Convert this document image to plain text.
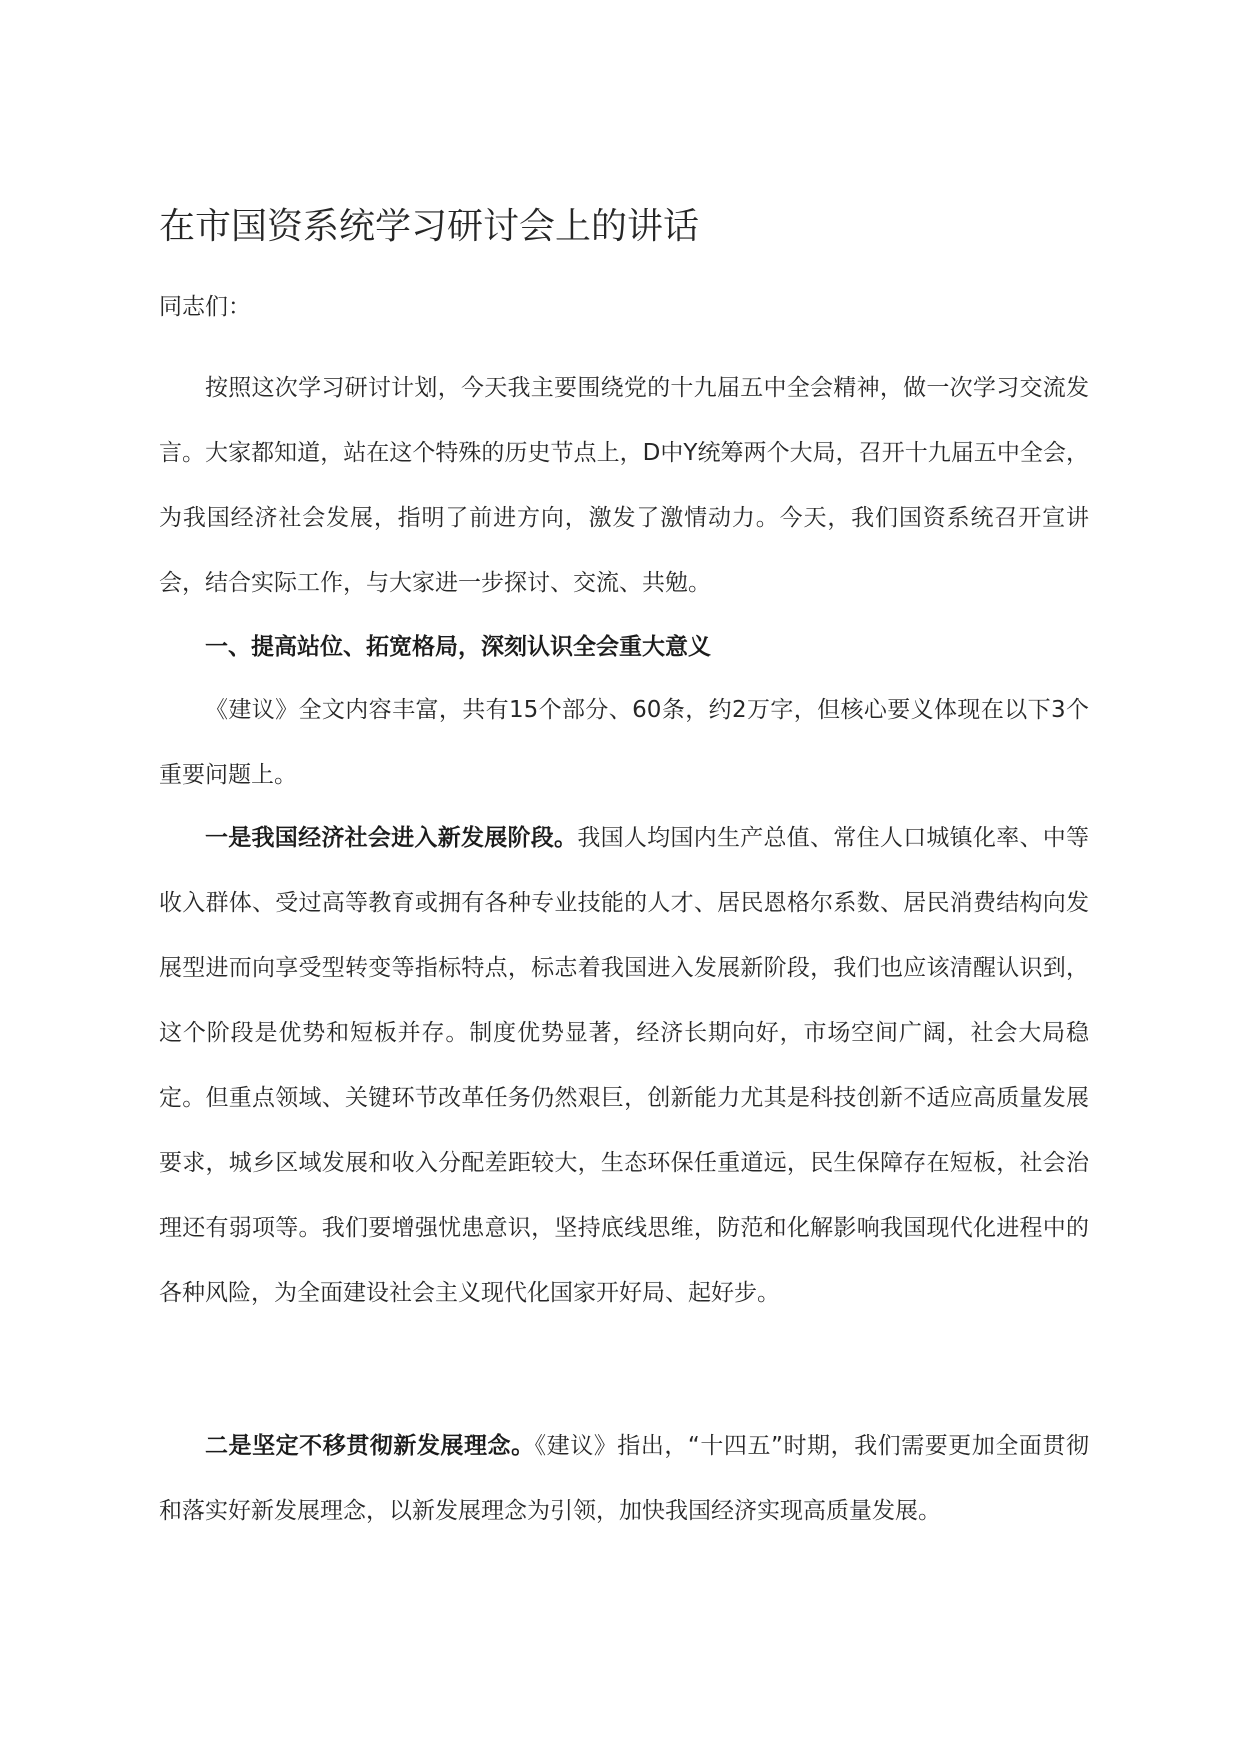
在市国资系统学习研讨会上的讲话
同志们：

按照这次学习研讨计划，今天我主要围绕党的十九届五中全会精神，做一次学习交流发言。大家都知道，站在这个特殊的历史节点上，D中Y统筹两个大局，召开十九届五中全会，为我国经济社会发展，指明了前进方向，激发了激情动力。今天，我们国资系统召开宣讲会，结合实际工作，与大家进一步探讨、交流、共勉。

一、提高站位、拓宽格局，深刻认识全会重大意义

《建议》全文内容丰富，共有15个部分、60条，约2万字，但核心要义体现在以下3个重要问题上。

一是我国经济社会进入新发展阶段。我国人均国内生产总值、常住人口城镇化率、中等收入群体、受过高等教育或拥有各种专业技能的人才、居民恩格尔系数、居民消费结构向发展型进而向享受型转变等指标特点，标志着我国进入发展新阶段，我们也应该清醒认识到，这个阶段是优势和短板并存。制度优势显著，经济长期向好，市场空间广阔，社会大局稳定。但重点领域、关键环节改革任务仍然艰巨，创新能力尤其是科技创新不适应高质量发展要求，城乡区域发展和收入分配差距较大，生态环保任重道远，民生保障存在短板，社会治理还有弱项等。我们要增强忧患意识，坚持底线思维，防范和化解影响我国现代化进程中的各种风险，为全面建设社会主义现代化国家开好局、起好步。

二是坚定不移贯彻新发展理念。《建议》指出，“十四五”时期，我们需要更加全面贯彻和落实好新发展理念，以新发展理念为引领，加快我国经济实现高质量发展。
